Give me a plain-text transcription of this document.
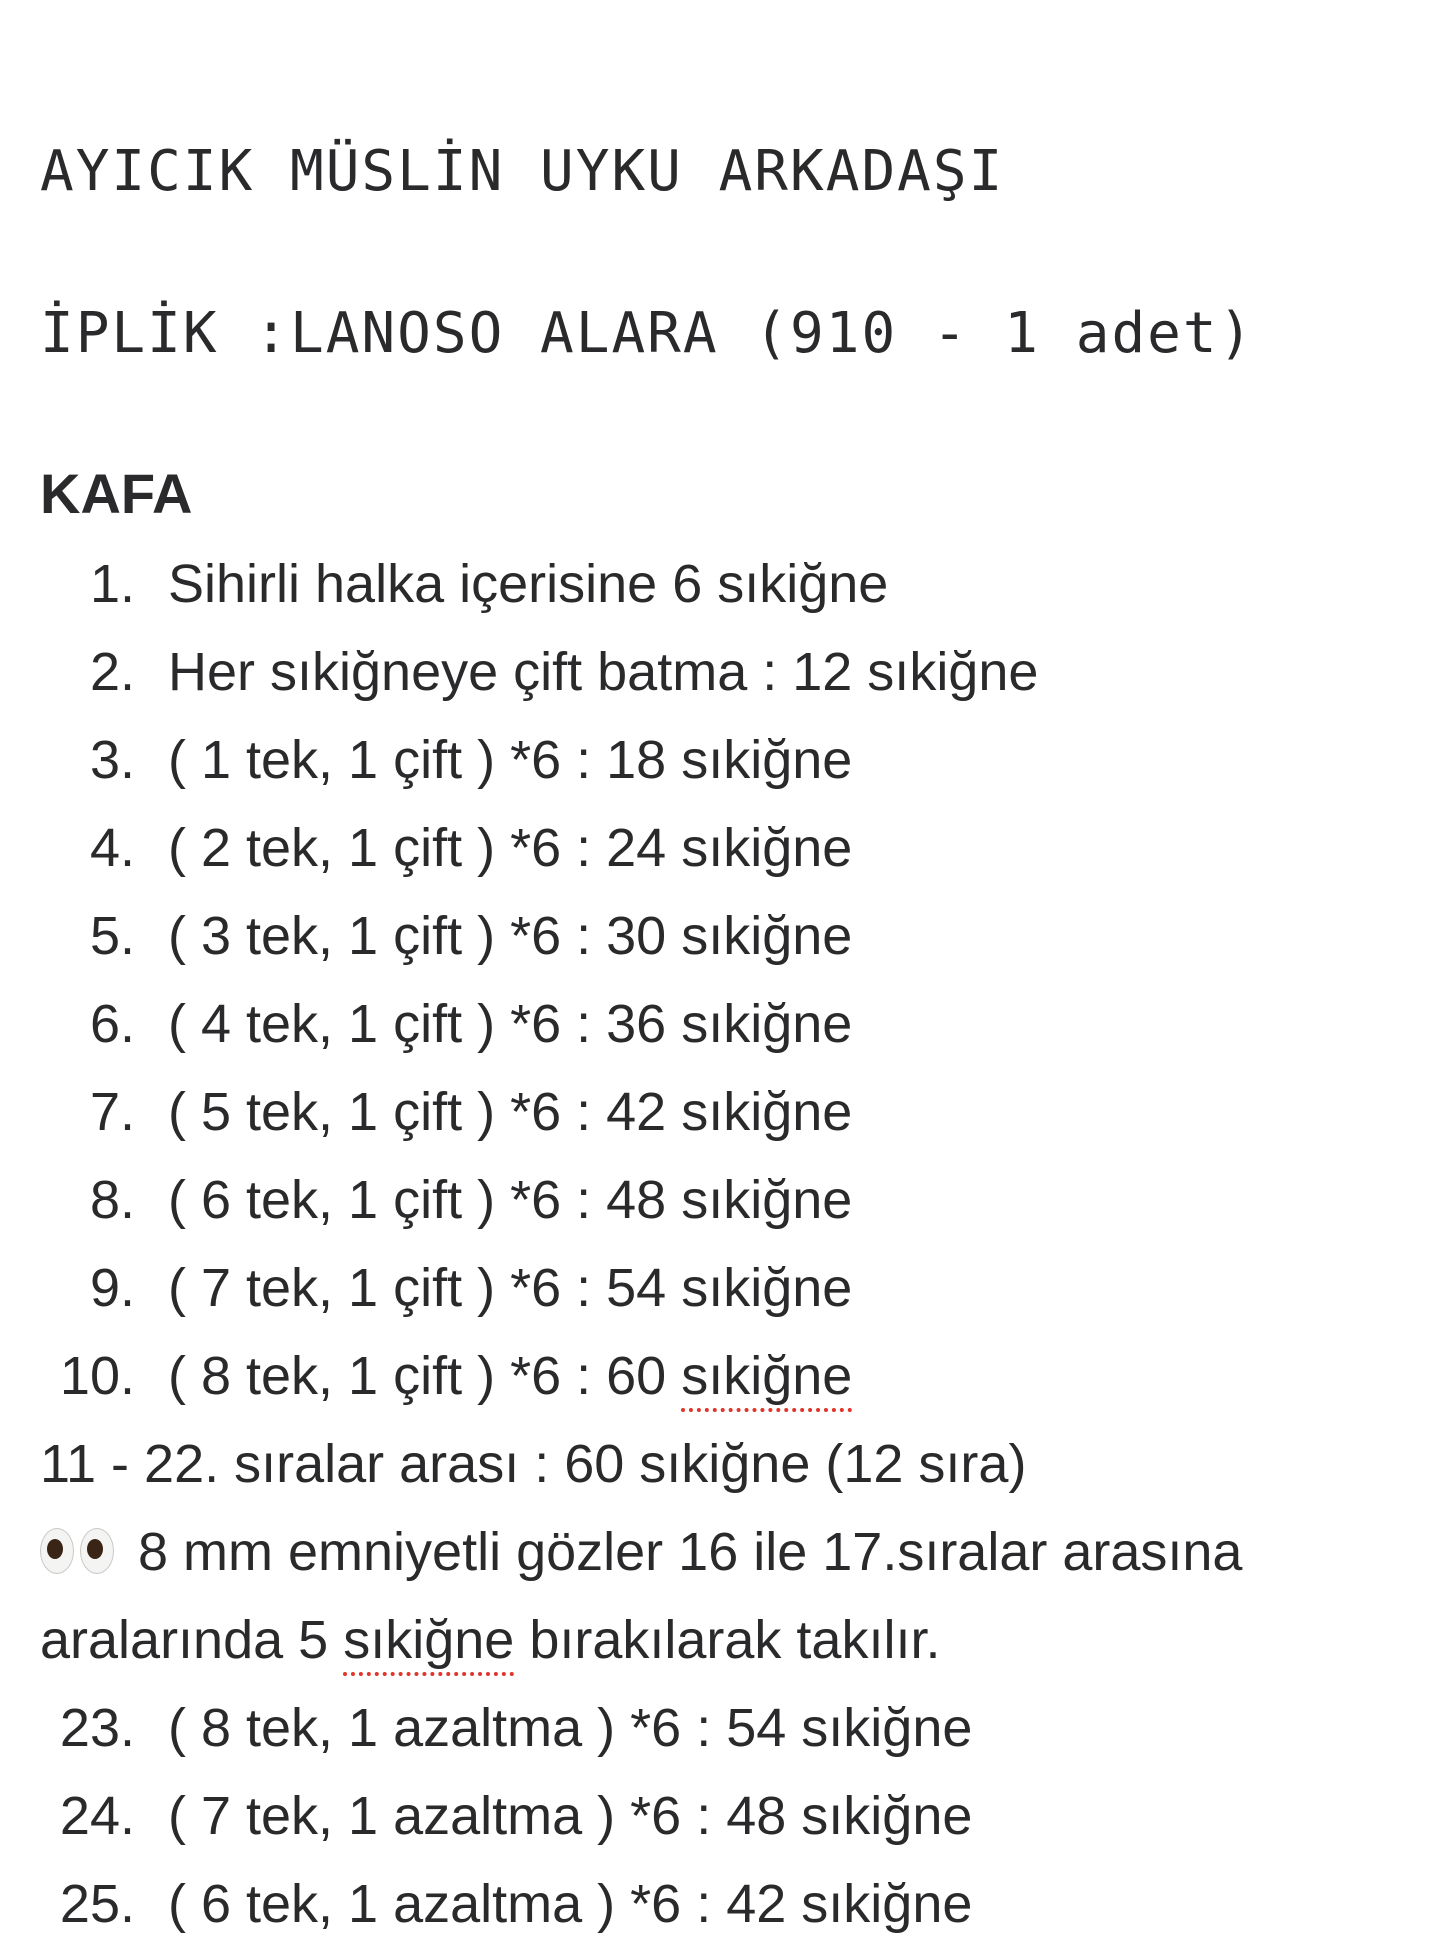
AYICIK MÜSLİN UYKU ARKADAŞI
İPLİK :LANOSO ALARA (910 - 1 adet)
KAFA
1. Sihirli halka içerisine 6 sıkiğne
2. Her sıkiğneye çift batma : 12 sıkiğne
3. ( 1 tek, 1 çift ) *6 : 18 sıkiğne
4. ( 2 tek, 1 çift ) *6 : 24 sıkiğne
5. ( 3 tek, 1 çift ) *6 : 30 sıkiğne
6. ( 4 tek, 1 çift ) *6 : 36 sıkiğne
7. ( 5 tek, 1 çift ) *6 : 42 sıkiğne
8. ( 6 tek, 1 çift ) *6 : 48 sıkiğne
9. ( 7 tek, 1 çift ) *6 : 54 sıkiğne
10. ( 8 tek, 1 çift ) *6 : 60 sıkiğne
11 - 22. sıralar arası : 60 sıkiğne (12 sıra)
8 mm emniyetli gözler 16 ile 17.sıralar arasına
aralarında 5 sıkiğne bırakılarak takılır.
23. ( 8 tek, 1 azaltma ) *6 : 54 sıkiğne
24. ( 7 tek, 1 azaltma ) *6 : 48 sıkiğne
25. ( 6 tek, 1 azaltma ) *6 : 42 sıkiğne
